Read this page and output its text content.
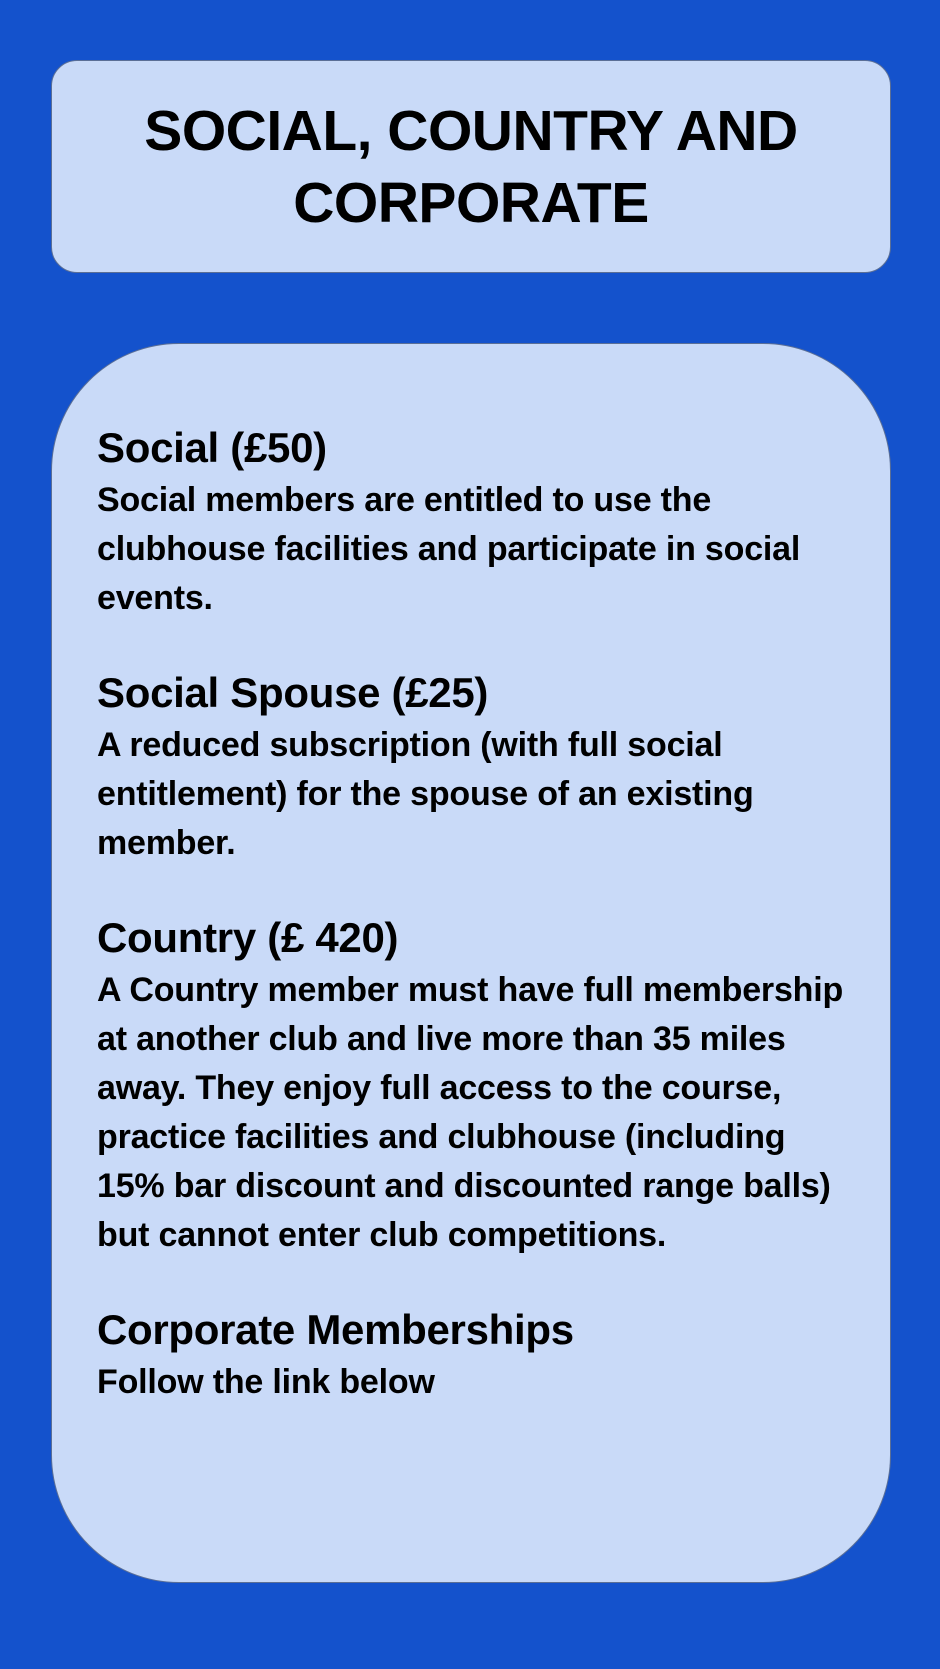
SOCIAL, COUNTRY AND CORPORATE
Social (£50)

Social members are entitled to use the clubhouse facilities and participate in social events.

Social Spouse (£25)

A reduced subscription (with full social entitlement) for the spouse of an existing member.

Country (£ 420)

A Country member must have full membership at another club and live more than 35 miles away. They enjoy full access to the course, practice facilities and clubhouse (including 15% bar discount and discounted range balls) but cannot enter club competitions.

Corporate Memberships

Follow the link below
